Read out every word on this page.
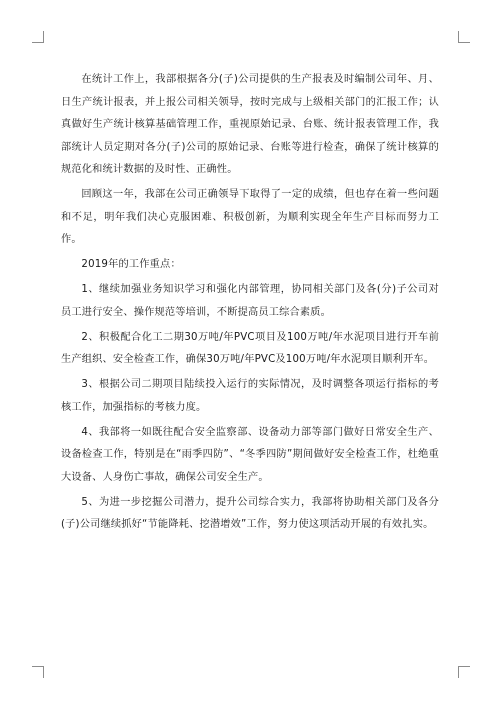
在统计工作上，我部根据各分(子)公司提供的生产报表及时编制公司年、月、日生产统计报表，并上报公司相关领导，按时完成与上级相关部门的汇报工作；认真做好生产统计核算基础管理工作，重视原始记录、台账、统计报表管理工作，我部统计人员定期对各分(子)公司的原始记录、台账等进行检查，确保了统计核算的规范化和统计数据的及时性、正确性。

回顾这一年，我部在公司正确领导下取得了一定的成绩，但也存在着一些问题和不足，明年我们决心克服困难、积极创新，为顺利实现全年生产目标而努力工作。

2019年的工作重点：

1、继续加强业务知识学习和强化内部管理，协同相关部门及各(分)子公司对员工进行安全、操作规范等培训，不断提高员工综合素质。

2、积极配合化工二期30万吨/年PVC项目及100万吨/年水泥项目进行开车前生产组织、安全检查工作，确保30万吨/年PVC及100万吨/年水泥项目顺利开车。

3、根据公司二期项目陆续投入运行的实际情况，及时调整各项运行指标的考核工作，加强指标的考核力度。

4、我部将一如既往配合安全监察部、设备动力部等部门做好日常安全生产、设备检查工作，特别是在“雨季四防”、“冬季四防”期间做好安全检查工作，杜绝重大设备、人身伤亡事故，确保公司安全生产。

5、为进一步挖掘公司潜力，提升公司综合实力，我部将协助相关部门及各分(子)公司继续抓好“节能降耗、挖潜增效”工作，努力使这项活动开展的有效扎实。
